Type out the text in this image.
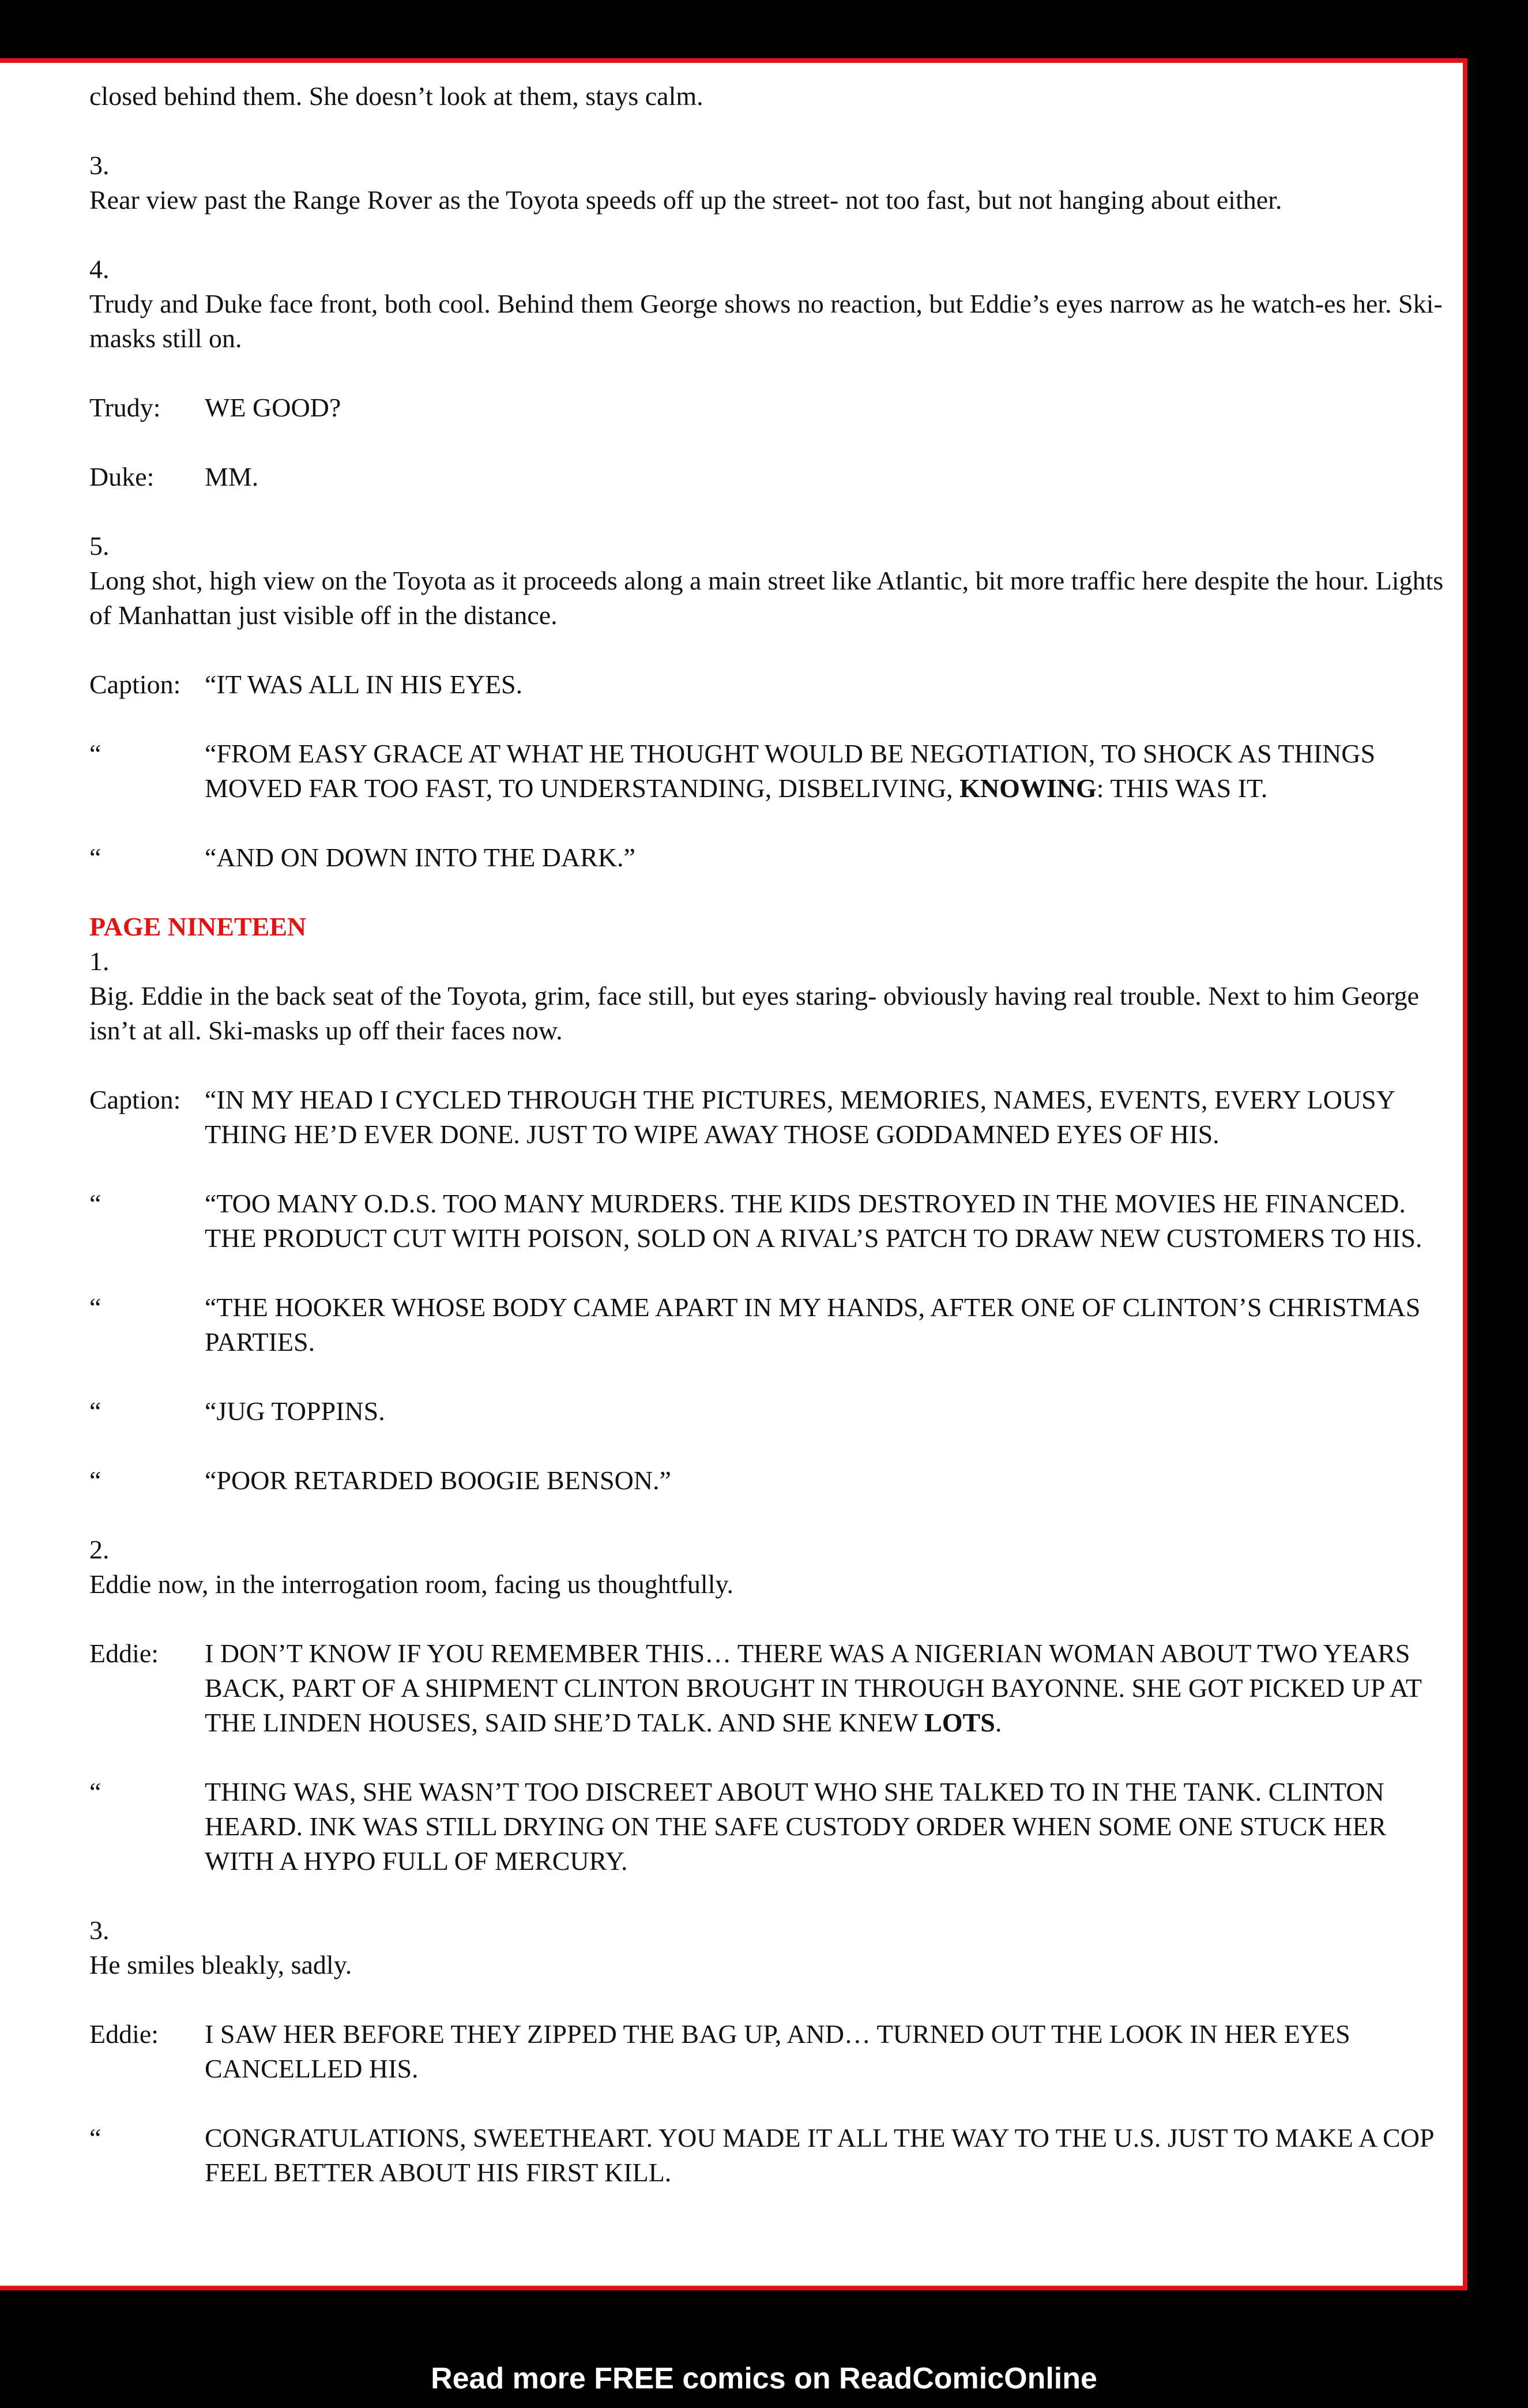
closed behind them. She doesn’t look at them, stays calm.

3.

Rear view past the Range Rover as the Toyota speeds off up the street- not too fast, but not hanging about either.

4.

Trudy and Duke face front, both cool. Behind them George shows no reaction, but Eddie’s eyes narrow as he watch-es her. Ski-masks still on.

Trudy:	WE GOOD?
Duke:	MM.

5.

Long shot, high view on the Toyota as it proceeds along a main street like Atlantic, bit more traffic here despite the hour. Lights of Manhattan just visible off in the distance.

Caption: “IT WAS ALL IN HIS EYES.
“	“FROM EASY GRACE AT WHAT HE THOUGHT WOULD BE NEGOTIATION, TO SHOCK AS THINGS MOVED FAR TOO FAST, TO UNDERSTANDING, DISBELIVING, KNOWING: THIS WAS IT.
“	“AND ON DOWN INTO THE DARK.”

PAGE NINETEEN

1.

Big. Eddie in the back seat of the Toyota, grim, face still, but eyes staring- obviously having real trouble. Next to him George isn’t at all. Ski-masks up off their faces now.

Caption: “IN MY HEAD I CYCLED THROUGH THE PICTURES, MEMORIES, NAMES, EVENTS, EVERY LOUSY THING HE’D EVER DONE. JUST TO WIPE AWAY THOSE GODDAMNED EYES OF HIS.
“	“TOO MANY O.D.S. TOO MANY MURDERS. THE KIDS DESTROYED IN THE MOVIES HE FINANCED. THE PRODUCT CUT WITH POISON, SOLD ON A RIVAL’S PATCH TO DRAW NEW CUSTOMERS TO HIS.
“	“THE HOOKER WHOSE BODY CAME APART IN MY HANDS, AFTER ONE OF CLINTON’S CHRISTMAS PARTIES.
“	“JUG TOPPINS.
“	“POOR RETARDED BOOGIE BENSON.”

2.

Eddie now, in the interrogation room, facing us thoughtfully.

Eddie:	I DON’T KNOW IF YOU REMEMBER THIS… THERE WAS A NIGERIAN WOMAN ABOUT TWO YEARS BACK, PART OF A SHIPMENT CLINTON BROUGHT IN THROUGH BAYONNE. SHE GOT PICKED UP AT THE LINDEN HOUSES, SAID SHE’D TALK. AND SHE KNEW LOTS.
“	THING WAS, SHE WASN’T TOO DISCREET ABOUT WHO SHE TALKED TO IN THE TANK. CLINTON HEARD. INK WAS STILL DRYING ON THE SAFE CUSTODY ORDER WHEN SOME ONE STUCK HER WITH A HYPO FULL OF MERCURY.

3.

He smiles bleakly, sadly.

Eddie:	I SAW HER BEFORE THEY ZIPPED THE BAG UP, AND… TURNED OUT THE LOOK IN HER EYES CANCELLED HIS.
“	CONGRATULATIONS, SWEETHEART. YOU MADE IT ALL THE WAY TO THE U.S. JUST TO MAKE A COP FEEL BETTER ABOUT HIS FIRST KILL.
Read more FREE comics on ReadComicOnline
